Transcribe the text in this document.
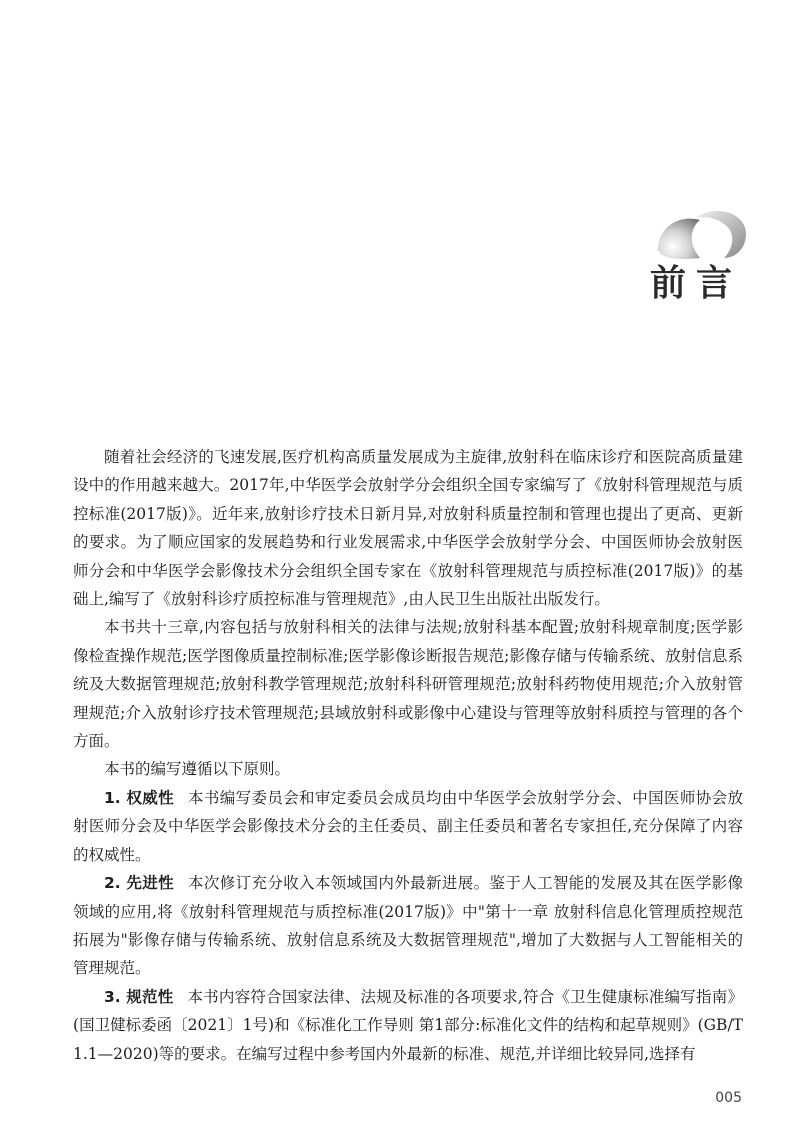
前言

随着社会经济的飞速发展,医疗机构高质量发展成为主旋律,放射科在临床诊疗和医院高质量建设中的作用越来越大。2017年,中华医学会放射学分会组织全国专家编写了《放射科管理规范与质控标准(2017版)》。近年来,放射诊疗技术日新月异,对放射科质量控制和管理也提出了更高、更新的要求。为了顺应国家的发展趋势和行业发展需求,中华医学会放射学分会、中国医师协会放射医师分会和中华医学会影像技术分会组织全国专家在《放射科管理规范与质控标准(2017版)》的基础上,编写了《放射科诊疗质控标准与管理规范》,由人民卫生出版社出版发行。

本书共十三章,内容包括与放射科相关的法律与法规;放射科基本配置;放射科规章制度;医学影像检查操作规范;医学图像质量控制标准;医学影像诊断报告规范;影像存储与传输系统、放射信息系统及大数据管理规范;放射科教学管理规范;放射科科研管理规范;放射科药物使用规范;介入放射管理规范;介入放射诊疗技术管理规范;县域放射科或影像中心建设与管理等放射科质控与管理的各个方面。

本书的编写遵循以下原则。

1. 权威性 本书编写委员会和审定委员会成员均由中华医学会放射学分会、中国医师协会放射医师分会及中华医学会影像技术分会的主任委员、副主任委员和著名专家担任,充分保障了内容的权威性。

2. 先进性 本次修订充分收入本领域国内外最新进展。鉴于人工智能的发展及其在医学影像领域的应用,将《放射科管理规范与质控标准(2017版)》中"第十一章 放射科信息化管理质控规范拓展为"影像存储与传输系统、放射信息系统及大数据管理规范",增加了大数据与人工智能相关的管理规范。

3. 规范性 本书内容符合国家法律、法规及标准的各项要求,符合《卫生健康标准编写指南》(国卫健标委函〔2021〕1号)和《标准化工作导则 第1部分:标准化文件的结构和起草规则》(GB/T 1.1—2020)等的要求。在编写过程中参考国内外最新的标准、规范,并详细比较异同,选择有

005
